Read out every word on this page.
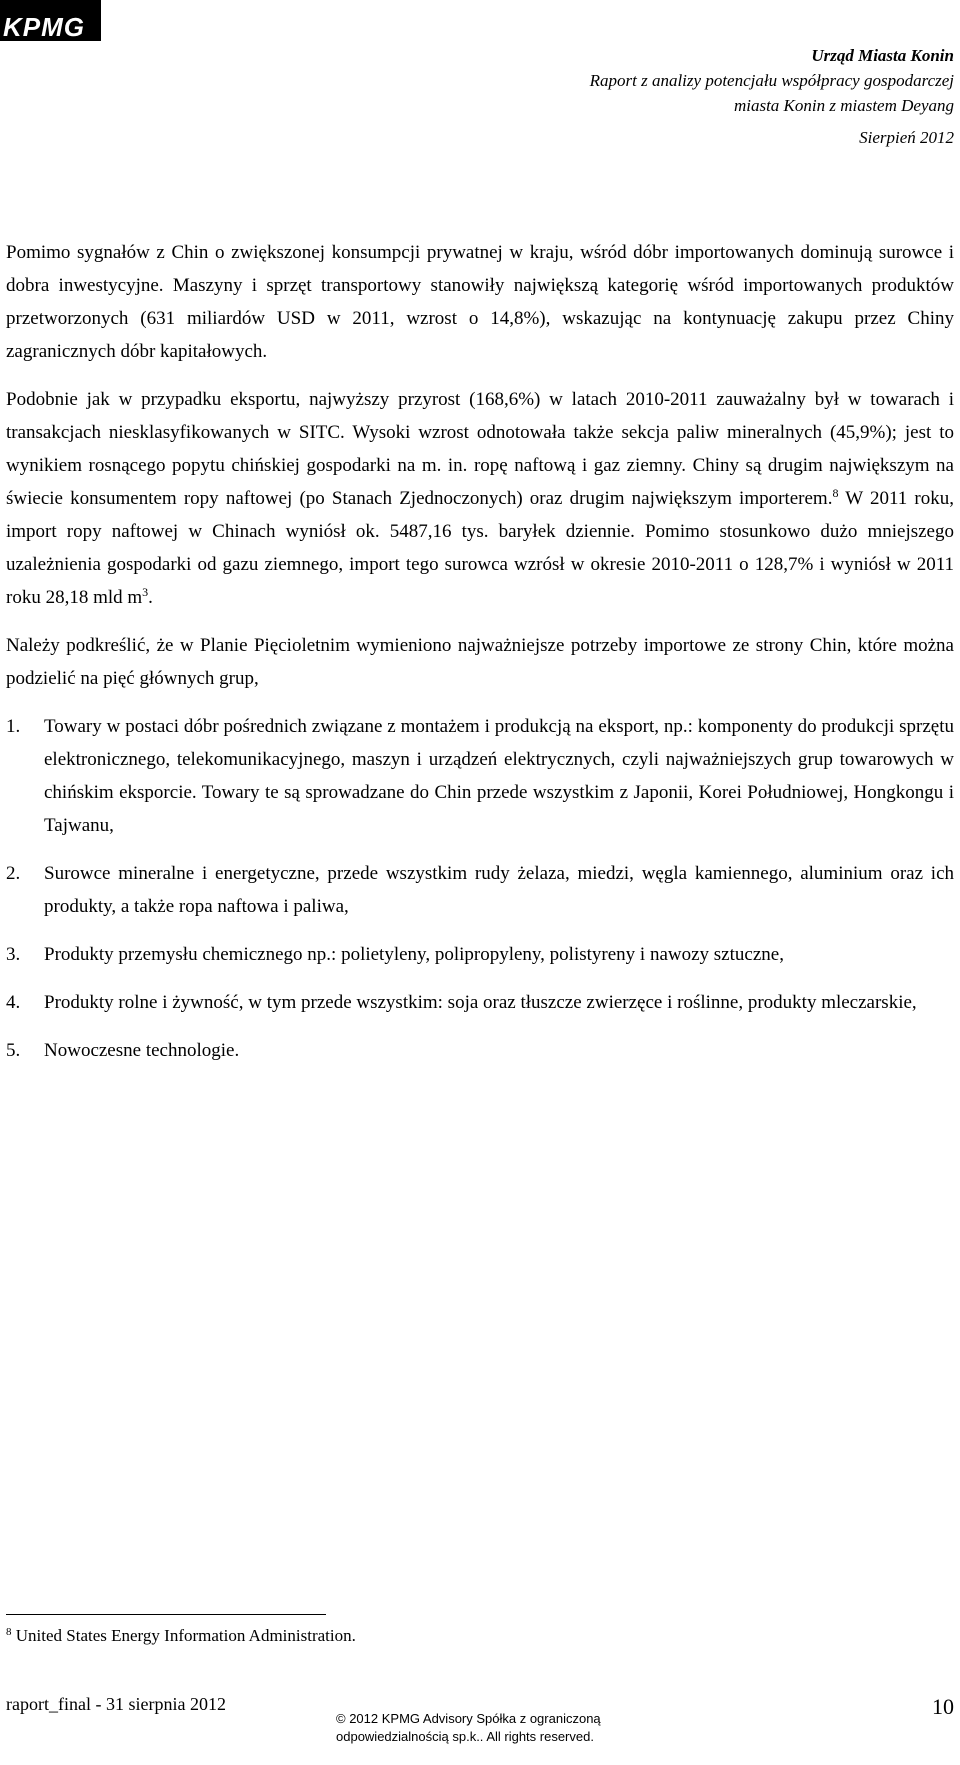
KPMG
Urząd Miasta Konin
Raport z analizy potencjału współpracy gospodarczej
miasta Konin z miastem Deyang
Sierpień 2012

Pomimo sygnałów z Chin o zwiększonej konsumpcji prywatnej w kraju, wśród dóbr importowanych dominują surowce i dobra inwestycyjne. Maszyny i sprzęt transportowy stanowiły największą kategorię wśród importowanych produktów przetworzonych (631 miliardów USD w 2011, wzrost o 14,8%), wskazując na kontynuację zakupu przez Chiny zagranicznych dóbr kapitałowych.

Podobnie jak w przypadku eksportu, najwyższy przyrost (168,6%) w latach 2010-2011 zauważalny był w towarach i transakcjach niesklasyfikowanych w SITC. Wysoki wzrost odnotowała także sekcja paliw mineralnych (45,9%); jest to wynikiem rosnącego popytu chińskiej gospodarki na m. in. ropę naftową i gaz ziemny. Chiny są drugim największym na świecie konsumentem ropy naftowej (po Stanach Zjednoczonych) oraz drugim największym importerem.$^8$ W 2011 roku, import ropy naftowej w Chinach wyniósł ok. 5487,16 tys. baryłek dziennie. Pomimo stosunkowo dużo mniejszego uzależnienia gospodarki od gazu ziemnego, import tego surowca wzrósł w okresie 2010-2011 o 128,7% i wyniósł w 2011 roku 28,18 mld $m^3$.

Należy podkreślić, że w Planie Pięcioletnim wymieniono najważniejsze potrzeby importowe ze strony Chin, które można podzielić na pięć głównych grup,

1. Towary w postaci dóbr pośrednich związane z montażem i produkcją na eksport, np.: komponenty do produkcji sprzętu elektronicznego, telekomunikacyjnego, maszyn i urządzeń elektrycznych, czyli najważniejszych grup towarowych w chińskim eksporcie. Towary te są sprowadzane do Chin przede wszystkim z Japonii, Korei Południowej, Hongkongu i Tajwanu,
2. Surowce mineralne i energetyczne, przede wszystkim rudy żelaza, miedzi, węgla kamiennego, aluminium oraz ich produkty, a także ropa naftowa i paliwa,
3. Produkty przemysłu chemicznego np.: polietyleny, polipropyleny, polistyreny i nawozy sztuczne,
4. Produkty rolne i żywność, w tym przede wszystkim: soja oraz tłuszcze zwierzęce i roślinne, produkty mleczarskie,
5. Nowoczesne technologie.
$^8$ United States Energy Information Administration.
raport_final - 31 sierpnia 2012
© 2012 KPMG Advisory Spółka z ograniczoną
odpowiedzialnością sp.k.. All rights reserved.
10
